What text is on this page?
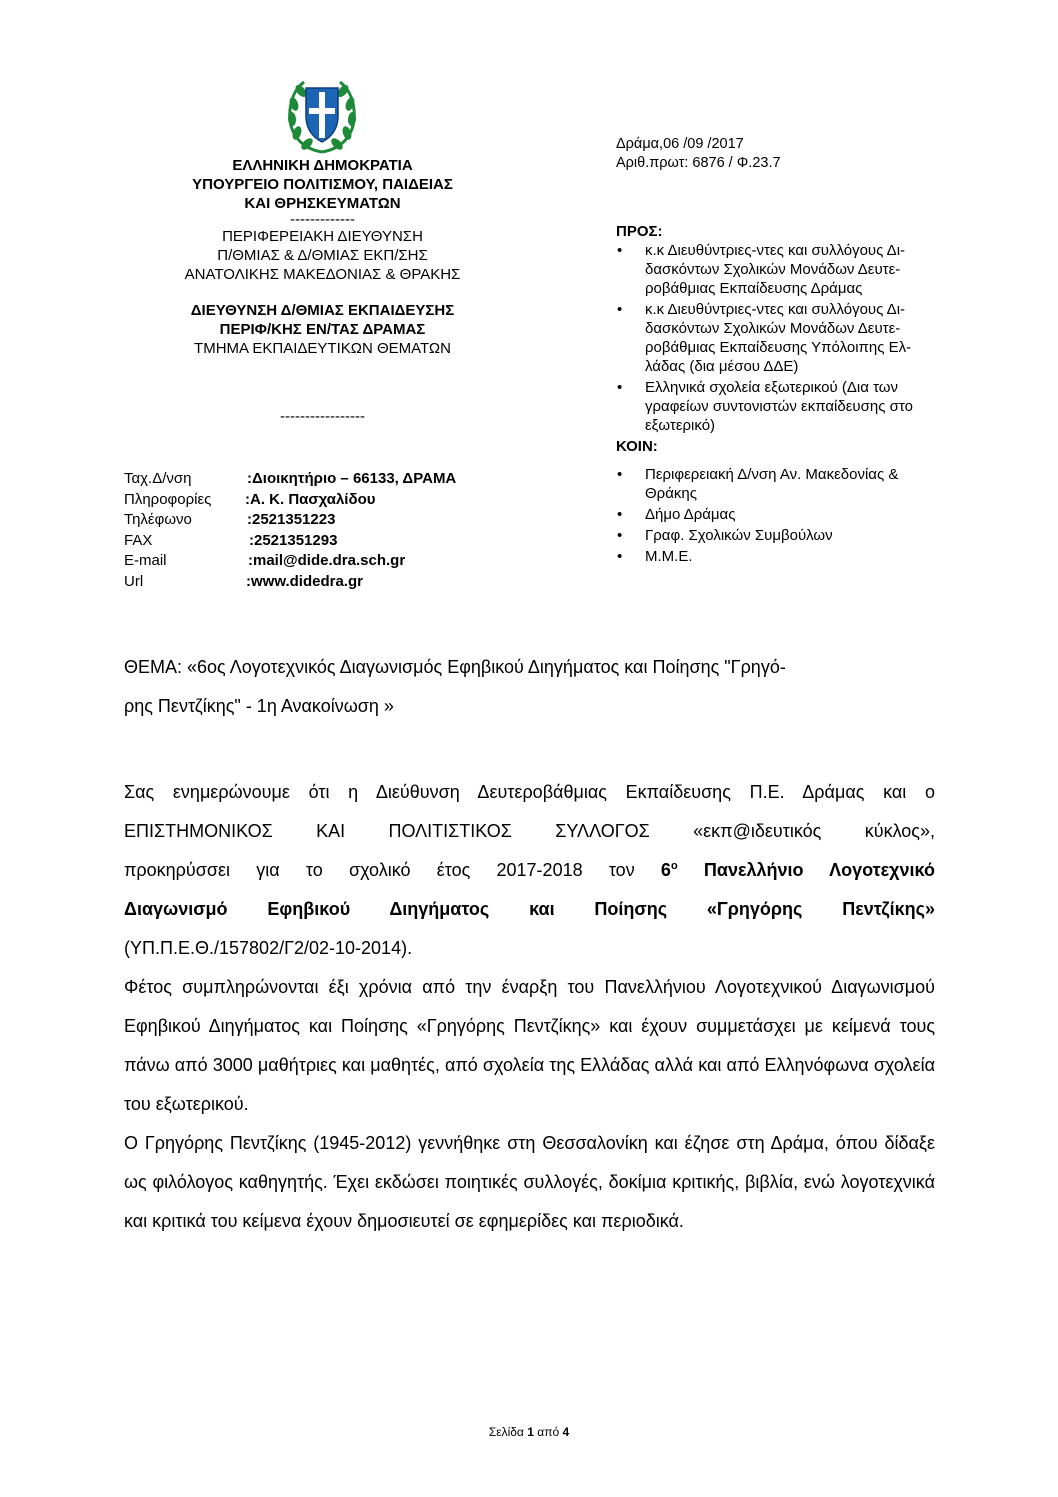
ΕΛΛΗΝΙΚΗ ΔΗΜΟΚΡΑΤΙΑ
ΥΠΟΥΡΓΕΙΟ ΠΟΛΙΤΙΣΜΟΥ, ΠΑΙΔΕΙΑΣ
ΚΑΙ ΘΡΗΣΚΕΥΜΑΤΩΝ
-------------
ΠΕΡΙΦΕΡΕΙΑΚΗ ΔΙΕΥΘΥΝΣΗ
Π/ΘΜΙΑΣ & Δ/ΘΜΙΑΣ ΕΚΠ/ΣΗΣ
ΑΝΑΤΟΛΙΚΗΣ ΜΑΚΕΔΟΝΙΑΣ & ΘΡΑΚΗΣ
ΔΙΕΥΘΥΝΣΗ Δ/ΘΜΙΑΣ ΕΚΠΑΙΔΕΥΣΗΣ
ΠΕΡΙΦ/ΚΗΣ ΕΝ/ΤΑΣ ΔΡΑΜΑΣ
ΤΜΗΜΑ ΕΚΠΑΙΔΕΥΤΙΚΩΝ ΘΕΜΑΤΩΝ
-----------------
Ταχ.Δ/νση	:Διοικητήριο – 66133, ΔΡΑΜΑ
Πληροφορίες :Α. Κ. Πασχαλίδου
Τηλέφωνο	:2521351223
FAX	:2521351293
E-mail	:mail@dide.dra.sch.gr
Url	:www.didedra.gr
Δράμα,06 /09 /2017
Αριθ.πρωτ: 6876 / Φ.23.7
ΠΡΟΣ:
• κ.κ Διευθύντριες-ντες και συλλόγους Δι-
δασκόντων Σχολικών Μονάδων Δευτε-
ροβάθμιας Εκπαίδευσης Δράμας
• κ.κ Διευθύντριες-ντες και συλλόγους Δι-
δασκόντων Σχολικών Μονάδων Δευτε-
ροβάθμιας Εκπαίδευσης Υπόλοιπης Ελ-
λάδας (δια μέσου ΔΔΕ)
• Ελληνικά σχολεία εξωτερικού (Δια των
γραφείων συντονιστών εκπαίδευσης στο
εξωτερικό)
ΚΟΙΝ:
• Περιφερειακή Δ/νση Αν. Μακεδονίας &
Θράκης
• Δήμο Δράμας
• Γραφ. Σχολικών Συμβούλων
• Μ.Μ.Ε.
ΘΕΜΑ: «6ος Λογοτεχνικός Διαγωνισμός Εφηβικού Διηγήματος και Ποίησης "Γρηγό-
ρης Πεντζίκης" - 1η Ανακοίνωση »
Σας ενημερώνουμε ότι η Διεύθυνση Δευτεροβάθμιας Εκπαίδευσης Π.Ε. Δράμας και ο
ΕΠΙΣΤΗΜΟΝΙΚΟΣ ΚΑΙ ΠΟΛΙΤΙΣΤΙΚΟΣ ΣΥΛΛΟΓΟΣ «εκπ@ιδευτικός κύκλος»,
προκηρύσσει για το σχολικό έτος 2017-2018 τον $6^o$ Πανελλήνιο Λογοτεχνικό
Διαγωνισμό Εφηβικού Διηγήματος και Ποίησης «Γρηγόρης Πεντζίκης»
(ΥΠ.Π.Ε.Θ./157802/Γ2/02-10-2014).

Φέτος συμπληρώνονται έξι χρόνια από την έναρξη του Πανελλήνιου Λογοτεχνικού Διαγωνισμού Εφηβικού Διηγήματος και Ποίησης «Γρηγόρης Πεντζίκης» και έχουν συμμετάσχει με κείμενά τους πάνω από 3000 μαθήτριες και μαθητές, από σχολεία της Ελλάδας αλλά και από Ελληνόφωνα σχολεία του εξωτερικού.

Ο Γρηγόρης Πεντζίκης (1945-2012) γεννήθηκε στη Θεσσαλονίκη και έζησε στη Δράμα, όπου δίδαξε ως φιλόλογος καθηγητής. Έχει εκδώσει ποιητικές συλλογές, δοκίμια κριτικής, βιβλία, ενώ λογοτεχνικά και κριτικά του κείμενα έχουν δημοσιευτεί σε εφημερίδες και περιοδικά.

Σελίδα 1 από 4
